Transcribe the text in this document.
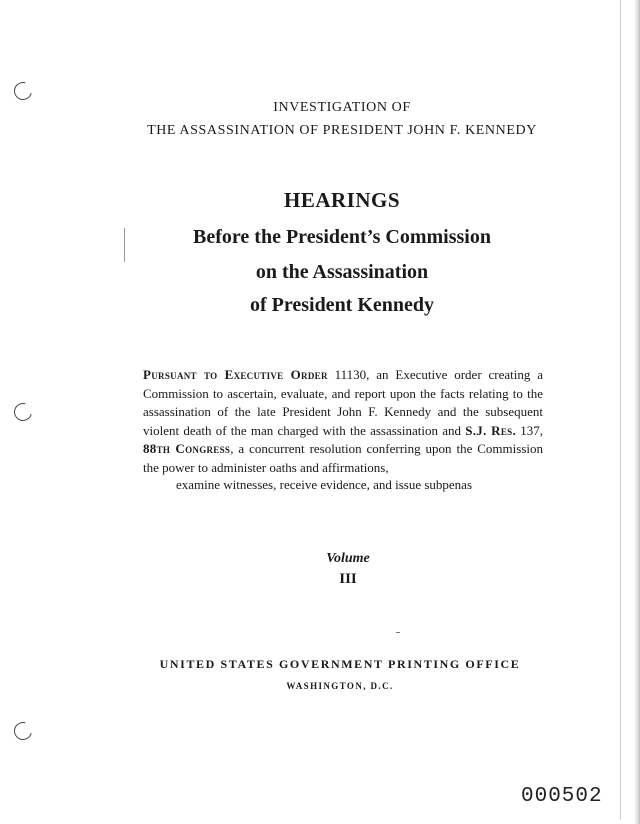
INVESTIGATION OF
THE ASSASSINATION OF PRESIDENT JOHN F. KENNEDY
HEARINGS
Before the President’s Commission
on the Assassination
of President Kennedy
Pursuant to Executive Order 11130, an Executive order creating a Commission to ascertain, evaluate, and report upon the facts relating to the assassination of the late President John F. Kennedy and the subsequent violent death of the man charged with the assassination and S.J. Res. 137, 88th Congress, a concurrent resolution conferring upon the Commission the power to administer oaths and affirmations,
examine witnesses, receive evidence, and issue subpenas
Volume
III
UNITED STATES GOVERNMENT PRINTING OFFICE
WASHINGTON, D.C.
000502
